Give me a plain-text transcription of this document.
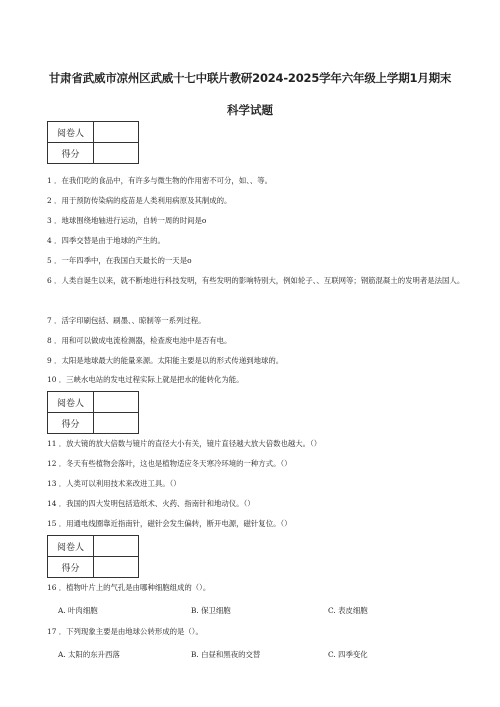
甘肃省武威市凉州区武威十七中联片教研2024-2025学年六年级上学期1月期末
科学试题
阅卷人	
得分	
1 ．在我们吃的食品中，有许多与微生物的作用密不可分，如、、等。
2 ．用于预防传染病的疫苗是人类利用病原及其制成的。
3 ．地球围绕地轴进行运动，自转一周的时间是o
4 ．四季交替是由于地球的产生的。
5 ．一年四季中，在我国白天最长的一天是o
6 ．人类自诞生以来，就不断地进行科技发明，有些发明的影响特别大，例如轮子、、互联网等；钢筋混凝土的发明者是法国人。
7 ．活字印刷包括、刷墨、、晾制等一系列过程。
8 ．用和可以做成电流检测器，检查废电池中是否有电。
9 ．太阳是地球最大的能量来源。太阳能主要是以的形式传递到地球的。
10 ．三峡水电站的发电过程实际上就是把水的能转化为能。
阅卷人	
得分	
11 ．放大镜的放大倍数与镜片的直径大小有关，镜片直径越大放大倍数也越大。（）
12 ．冬天有些植物会落叶，这也是植物适应冬天寒冷环境的一种方式。（）
13 ．人类可以利用技术来改进工具。（）
14 ．我国的四大发明包括造纸术、火药、指南针和地动仪。（）
15 ．用通电线圈靠近指南针，磁针会发生偏转，断开电源，磁针复位。（）
阅卷人	
得分	
16 ．植物叶片上的气孔是由哪种细胞组成的（）。
A. 叶肉细胞	B. 保卫细胞	C. 表皮细胞
17 ．下列现象主要是由地球公转形成的是（）。
A. 太阳的东升西落	B. 白昼和黑夜的交替	C. 四季变化
